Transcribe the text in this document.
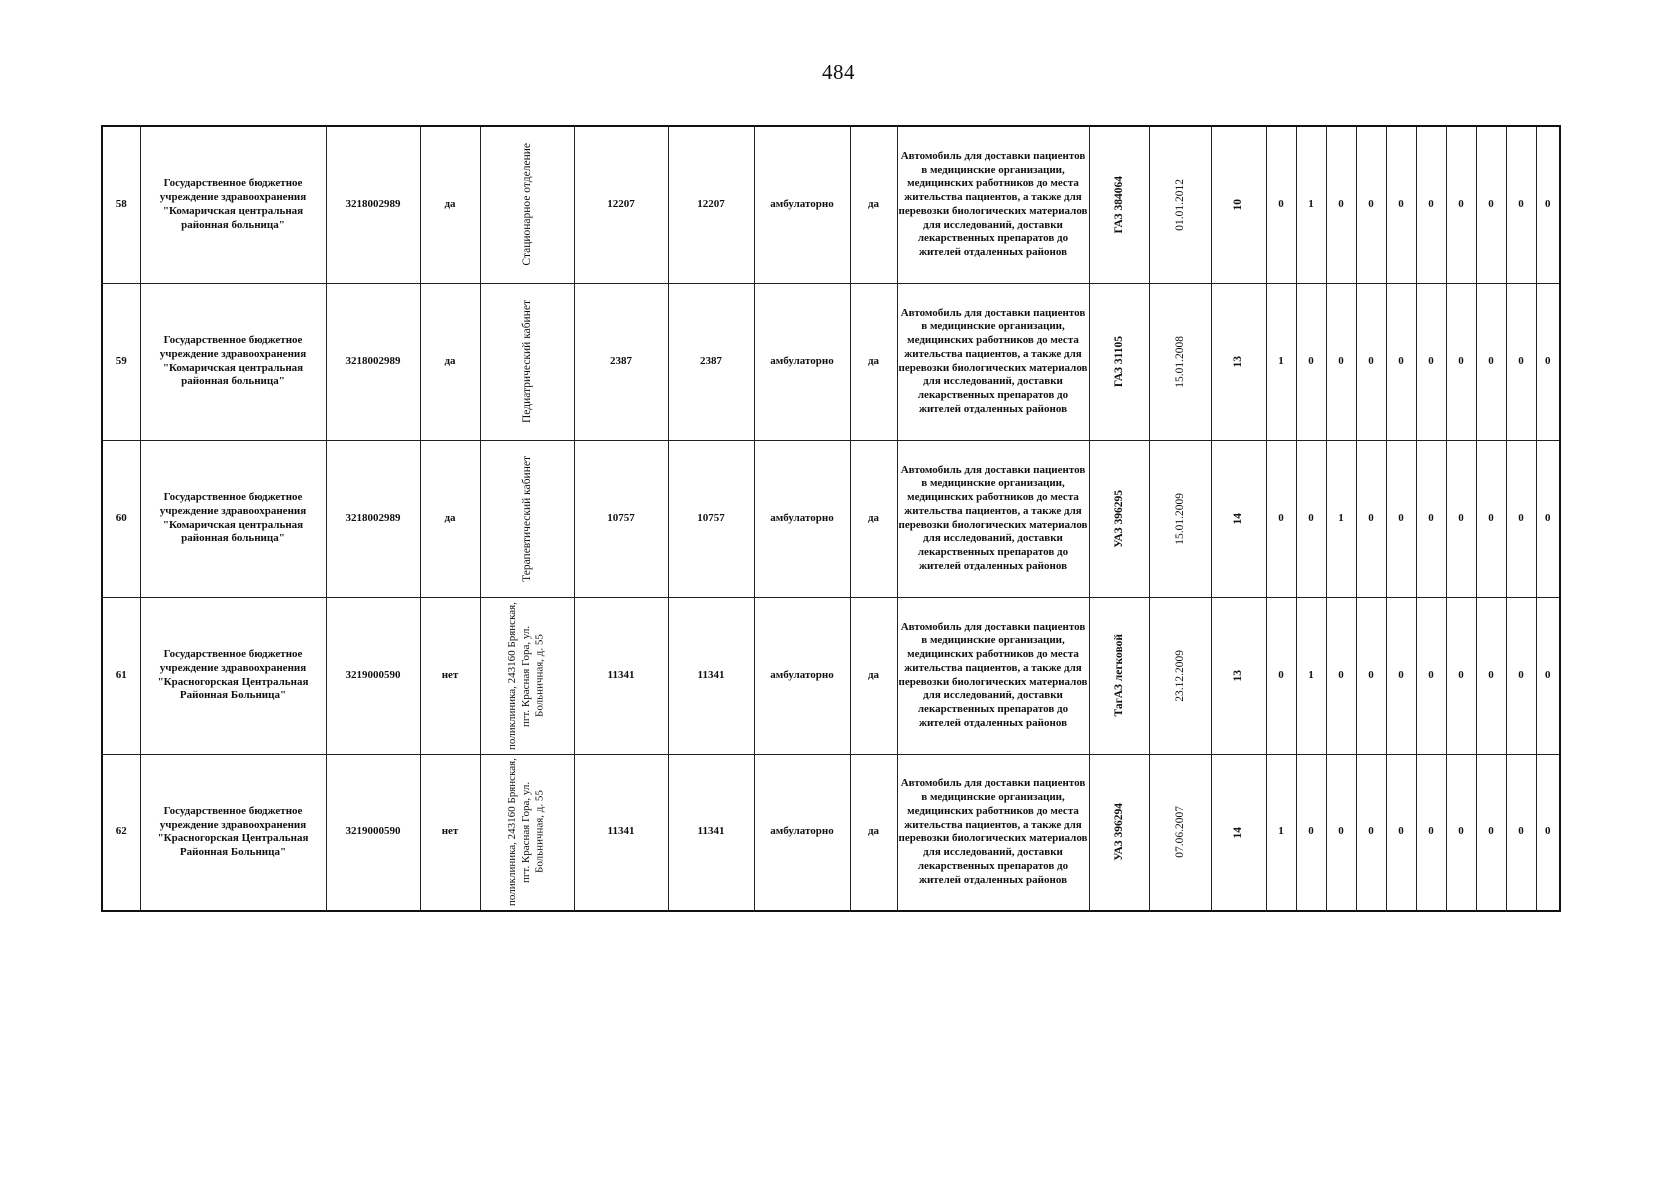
484
58	Государственное бюджетное учреждение здравоохранения "Комаричская центральная районная больница"	3218002989	да	Стационарное отделение	12207	12207	амбулаторно	да	Автомобиль для доставки пациентов в медицинские организации, медицинских работников до места жительства пациентов, а также для перевозки биологических материалов для исследований, доставки лекарственных препаратов до жителей отдаленных районов	ГАЗ 384064	01.01.2012	10	0	1	0	0	0	0	0	0	0	0
59	Государственное бюджетное учреждение здравоохранения "Комаричская центральная районная больница"	3218002989	да	Педиатрический кабинет	2387	2387	амбулаторно	да	Автомобиль для доставки пациентов в медицинские организации, медицинских работников до места жительства пациентов, а также для перевозки биологических материалов для исследований, доставки лекарственных препаратов до жителей отдаленных районов	ГАЗ 31105	15.01.2008	13	1	0	0	0	0	0	0	0	0	0
60	Государственное бюджетное учреждение здравоохранения "Комаричская центральная районная больница"	3218002989	да	Терапевтический кабинет	10757	10757	амбулаторно	да	Автомобиль для доставки пациентов в медицинские организации, медицинских работников до места жительства пациентов, а также для перевозки биологических материалов для исследований, доставки лекарственных препаратов до жителей отдаленных районов	УАЗ 396295	15.01.2009	14	0	0	1	0	0	0	0	0	0	0
61	Государственное бюджетное учреждение здравоохранения "Красногорская Центральная Районная Больница"	3219000590	нет	поликлиника, 243160 Брянская, пгт. Красная Гора, ул. Больничная, д. 55	11341	11341	амбулаторно	да	Автомобиль для доставки пациентов в медицинские организации, медицинских работников до места жительства пациентов, а также для перевозки биологических материалов для исследований, доставки лекарственных препаратов до жителей отдаленных районов	ТагАЗ легковой	23.12.2009	13	0	1	0	0	0	0	0	0	0	0
62	Государственное бюджетное учреждение здравоохранения "Красногорская Центральная Районная Больница"	3219000590	нет	поликлиника, 243160 Брянская, пгт. Красная Гора, ул. Больничная, д. 55	11341	11341	амбулаторно	да	Автомобиль для доставки пациентов в медицинские организации, медицинских работников до места жительства пациентов, а также для перевозки биологических материалов для исследований, доставки лекарственных препаратов до жителей отдаленных районов	УАЗ 396294	07.06.2007	14	1	0	0	0	0	0	0	0	0	0
